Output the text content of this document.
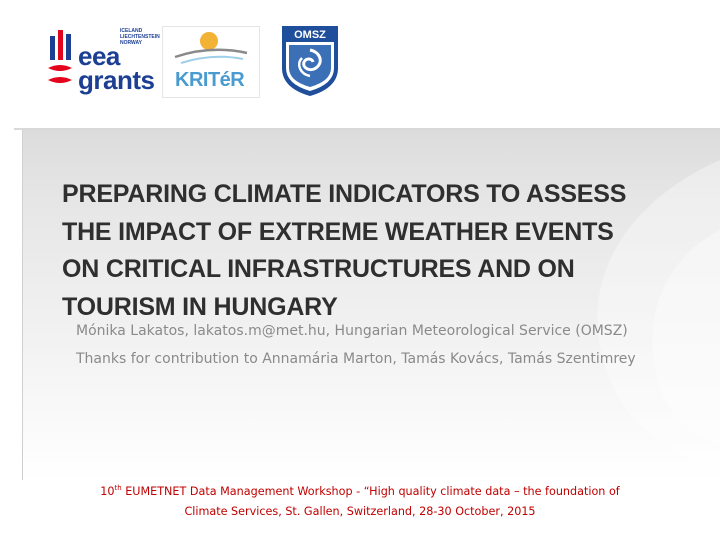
ICELAND
LIECHTENSTEIN
NORWAY
eea
grants KRITéR
OMSZ
PREPARING CLIMATE INDICATORS TO ASSESS
THE IMPACT OF EXTREME WEATHER EVENTS
ON CRITICAL INFRASTRUCTURES AND ON
TOURISM IN HUNGARY

Mónika Lakatos, lakatos.m@met.hu, Hungarian Meteorological Service (OMSZ)

Thanks for contribution to Annamária Marton, Tamás Kovács, Tamás Szentimrey

10th EUMETNET Data Management Workshop - “High quality climate data – the foundation of
Climate Services, St. Gallen, Switzerland, 28-30 October, 2015
